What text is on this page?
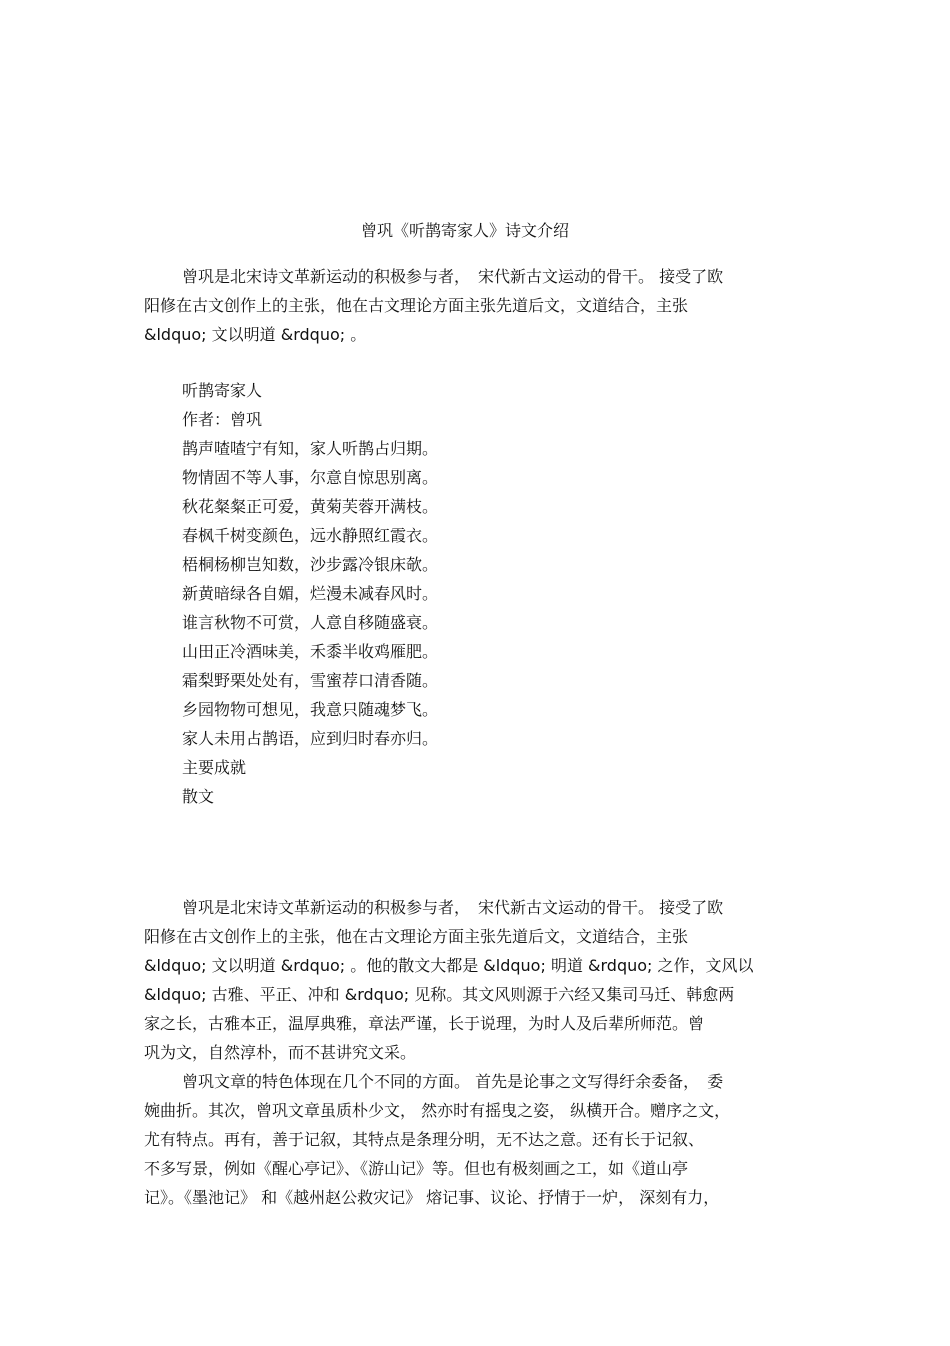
曾巩《听鹊寄家人》诗文介绍
曾巩是北宋诗文革新运动的积极参与者，　宋代新古文运动的骨干。 接受了欧
阳修在古文创作上的主张，他在古文理论方面主张先道后文，文道结合，主张
&ldquo; 文以明道 &rdquo; 。
听鹊寄家人
作者：曾巩
鹊声喳喳宁有知，家人听鹊占归期。
物情固不等人事，尔意自惊思别离。
秋花粲粲正可爱，黄菊芙蓉开满枝。
春枫千树变颜色，远水静照红霞衣。
梧桐杨柳岂知数，沙步露冷银床欹。
新黄暗绿各自媚，烂漫未减春风时。
谁言秋物不可赏，人意自移随盛衰。
山田正冷酒味美，禾黍半收鸡雁肥。
霜梨野栗处处有，雪蜜荐口清香随。
乡园物物可想见，我意只随魂梦飞。
家人未用占鹊语，应到归时春亦归。
主要成就
散文
曾巩是北宋诗文革新运动的积极参与者，　宋代新古文运动的骨干。 接受了欧
阳修在古文创作上的主张，他在古文理论方面主张先道后文，文道结合，主张
&ldquo; 文以明道 &rdquo; 。他的散文大都是 &ldquo; 明道 &rdquo; 之作，文风以
&ldquo; 古雅、平正、冲和 &rdquo; 见称。其文风则源于六经又集司马迁、韩愈两
家之长，古雅本正，温厚典雅，章法严谨，长于说理，为时人及后辈所师范。曾
巩为文，自然淳朴，而不甚讲究文采。
曾巩文章的特色体现在几个不同的方面。 首先是论事之文写得纡余委备，　委
婉曲折。其次，曾巩文章虽质朴少文， 然亦时有摇曳之姿， 纵横开合。赠序之文，
尤有特点。再有，善于记叙，其特点是条理分明，无不达之意。还有长于记叙、
不多写景，例如《醒心亭记》、《游山记》等。但也有极刻画之工，如《道山亭
记》。《墨池记》 和《越州赵公救灾记》 熔记事、议论、抒情于一炉， 深刻有力，
